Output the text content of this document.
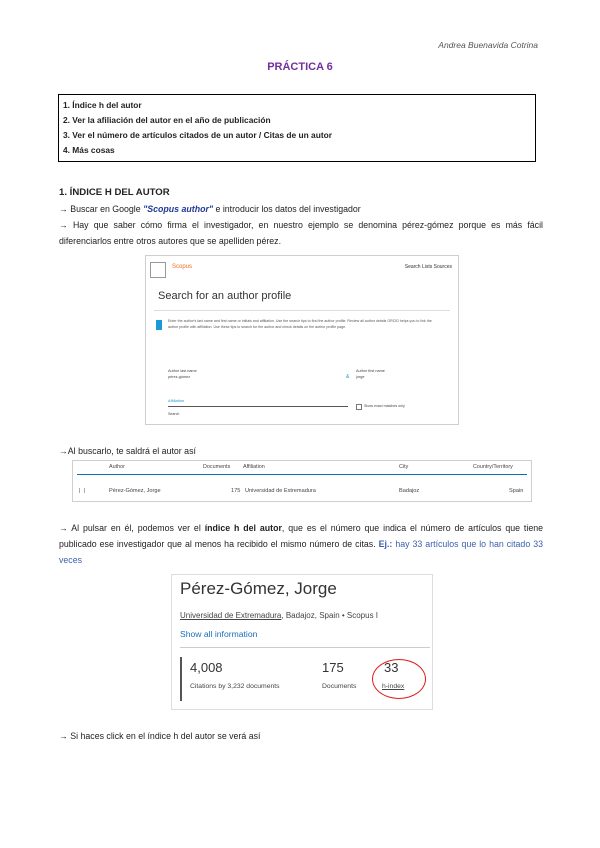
Andrea Buenavida Cotrina
PRÁCTICA 6
1. Índice h del autor
2. Ver la afiliación del autor en el año de publicación
3. Ver el número de artículos citados de un autor / Citas de un autor
4. Más cosas
1. ÍNDICE H DEL AUTOR
→ Buscar en Google "Scopus author" e introducir los datos del investigador
→ Hay que saber cómo firma el investigador, en nuestro ejemplo se denomina pérez-gómez porque es más fácil diferenciarlos entre otros autores que se apelliden pérez.
Scopus	Search Lists Sources
Search for an author profile
Enter the author's last name and first name or initials and affiliation. Use the search tips to find the author profile. Review all author details ORCID helps you to link the author profile with affiliation. Use these tips to search for the author and check details on the author profile page.
Author last name
pérez-gómez	&
Author first name
jorge
Affiliation
Show exact matches only
Search
→Al buscarlo, te saldrá el autor así
Author	Documents Affiliation	City	Country/Territory
|  |	Pérez-Gómez, Jorge	175 Universidad de Extremadura	Badajoz	Spain
→ Al pulsar en él, podemos ver el índice h del autor, que es el número que indica el número de artículos que tiene publicado ese investigador que al menos ha recibido el mismo número de citas. Ej.: hay 33 artículos que lo han citado 33 veces
Pérez-Gómez, Jorge
Universidad de Extremadura, Badajoz, Spain • Scopus I
Show all information
4,008
Citations by 3,232 documents
175
Documents
33
h-index
→ Si haces click en el índice h del autor se verá así
